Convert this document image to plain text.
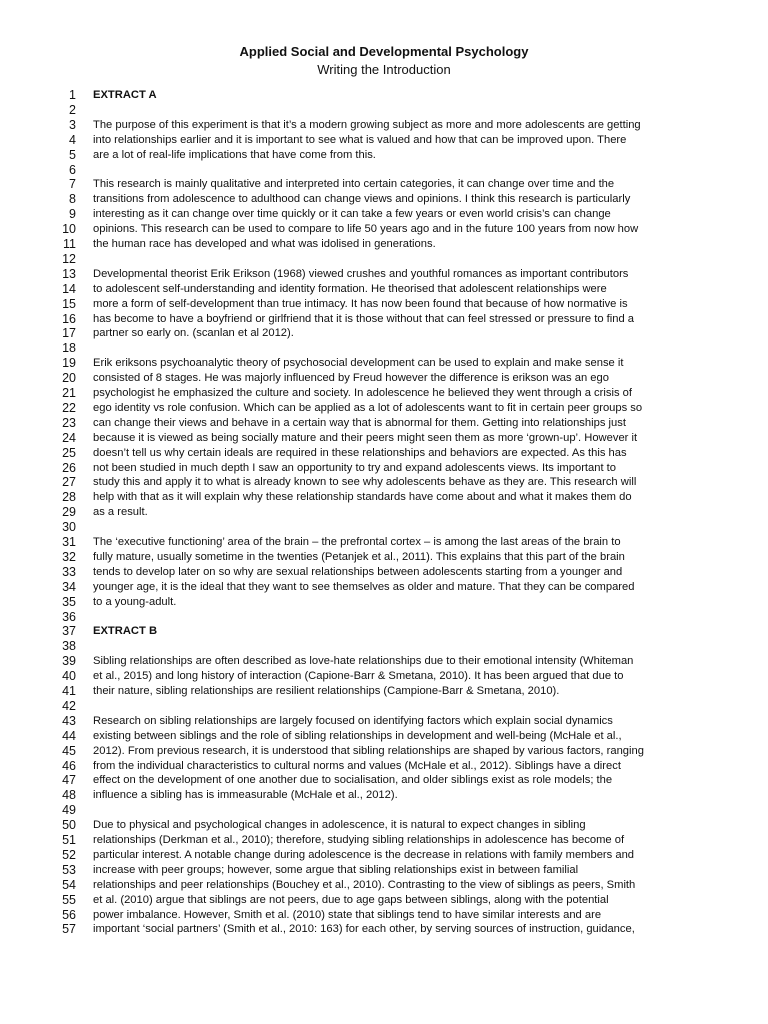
Applied Social and Developmental Psychology
Writing the Introduction
1 EXTRACT A
2
3 The purpose of this experiment is that it’s a modern growing subject as more and more adolescents are getting
4 into relationships earlier and it is important to see what is valued and how that can be improved upon. There
5 are a lot of real-life implications that have come from this.
6
7 This research is mainly qualitative and interpreted into certain categories, it can change over time and the
8 transitions from adolescence to adulthood can change views and opinions. I think this research is particularly
9 interesting as it can change over time quickly or it can take a few years or even world crisis’s can change
10 opinions. This research can be used to compare to life 50 years ago and in the future 100 years from now how
11 the human race has developed and what was idolised in generations.
12
13 Developmental theorist Erik Erikson (1968) viewed crushes and youthful romances as important contributors
14 to adolescent self-understanding and identity formation. He theorised that adolescent relationships were
15 more a form of self-development than true intimacy. It has now been found that because of how normative is
16 has become to have a boyfriend or girlfriend that it is those without that can feel stressed or pressure to find a
17 partner so early on. (scanlan et al 2012).
18
19 Erik eriksons psychoanalytic theory of psychosocial development can be used to explain and make sense it
20 consisted of 8 stages. He was majorly influenced by Freud however the difference is erikson was an ego
21 psychologist he emphasized the culture and society. In adolescence he believed they went through a crisis of
22 ego identity vs role confusion. Which can be applied as a lot of adolescents want to fit in certain peer groups so
23 can change their views and behave in a certain way that is abnormal for them. Getting into relationships just
24 because it is viewed as being socially mature and their peers might seen them as more ‘grown-up’. However it
25 doesn’t tell us why certain ideals are required in these relationships and behaviors are expected. As this has
26 not been studied in much depth I saw an opportunity to try and expand adolescents views. Its important to
27 study this and apply it to what is already known to see why adolescents behave as they are. This research will
28 help with that as it will explain why these relationship standards have come about and what it makes them do
29 as a result.
30
31 The ‘executive functioning’ area of the brain – the prefrontal cortex – is among the last areas of the brain to
32 fully mature, usually sometime in the twenties (Petanjek et al., 2011). This explains that this part of the brain
33 tends to develop later on so why are sexual relationships between adolescents starting from a younger and
34 younger age, it is the ideal that they want to see themselves as older and mature. That they can be compared
35 to a young-adult.
36
37 EXTRACT B
38
39 Sibling relationships are often described as love-hate relationships due to their emotional intensity (Whiteman
40 et al., 2015) and long history of interaction (Capione-Barr & Smetana, 2010). It has been argued that due to
41 their nature, sibling relationships are resilient relationships (Campione-Barr & Smetana, 2010).
42
43 Research on sibling relationships are largely focused on identifying factors which explain social dynamics
44 existing between siblings and the role of sibling relationships in development and well-being (McHale et al.,
45 2012). From previous research, it is understood that sibling relationships are shaped by various factors, ranging
46 from the individual characteristics to cultural norms and values (McHale et al., 2012). Siblings have a direct
47 effect on the development of one another due to socialisation, and older siblings exist as role models; the
48 influence a sibling has is immeasurable (McHale et al., 2012).
49
50 Due to physical and psychological changes in adolescence, it is natural to expect changes in sibling
51 relationships (Derkman et al., 2010); therefore, studying sibling relationships in adolescence has become of
52 particular interest. A notable change during adolescence is the decrease in relations with family members and
53 increase with peer groups; however, some argue that sibling relationships exist in between familial
54 relationships and peer relationships (Bouchey et al., 2010). Contrasting to the view of siblings as peers, Smith
55 et al. (2010) argue that siblings are not peers, due to age gaps between siblings, along with the potential
56 power imbalance. However, Smith et al. (2010) state that siblings tend to have similar interests and are
57 important ‘social partners’ (Smith et al., 2010: 163) for each other, by serving sources of instruction, guidance,
